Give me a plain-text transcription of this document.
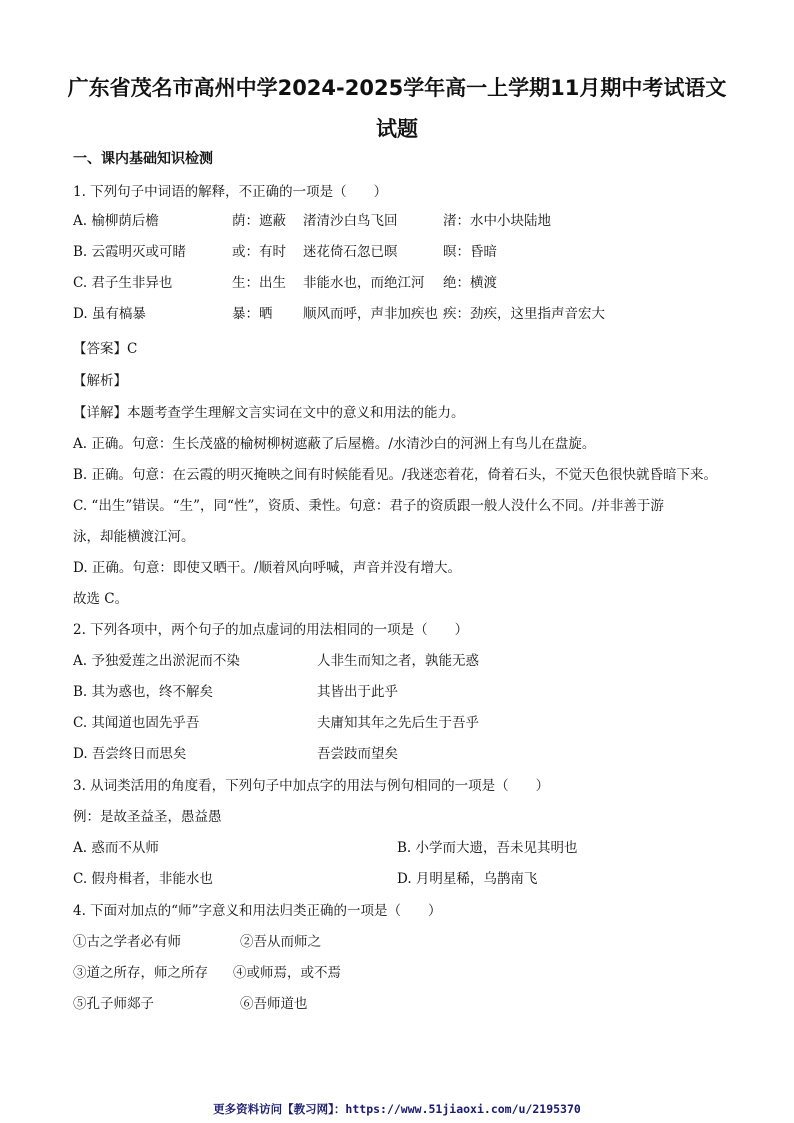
广东省茂名市高州中学2024-2025学年高一上学期11月期中考试语文
试题
一、课内基础知识检测
1. 下列句子中词语的解释，不正确的一项是（　　）
A. 榆柳荫后檐	荫：遮蔽 渚清沙白鸟飞回	渚：水中小块陆地
B. 云霞明灭或可睹	或：有时 迷花倚石忽已暝	暝：昏暗
C. 君子生非异也	生：出生 非能水也，而绝江河 绝：横渡
D. 虽有槁暴	暴：晒 顺风而呼，声非加疾也 疾：劲疾，这里指声音宏大
【答案】C
【解析】
【详解】本题考查学生理解文言实词在文中的意义和用法的能力。
A. 正确。句意：生长茂盛的榆树柳树遮蔽了后屋檐。/水清沙白的河洲上有鸟儿在盘旋。
B. 正确。句意：在云霞的明灭掩映之间有时候能看见。/我迷恋着花，倚着石头，不觉天色很快就昏暗下来。
C. “出生”错误。“生”，同“性”，资质、秉性。句意：君子的资质跟一般人没什么不同。/并非善于游
泳，却能横渡江河。
D. 正确。句意：即使又晒干。/顺着风向呼喊，声音并没有增大。
故选 C。
2. 下列各项中，两个句子的加点虚词的用法相同的一项是（　　）
A. 予独爱莲之出淤泥而不染	人非生而知之者，孰能无惑
B. 其为惑也，终不解矣	其皆出于此乎
C. 其闻道也固先乎吾	夫庸知其年之先后生于吾乎
D. 吾尝终日而思矣	吾尝跂而望矣
3. 从词类活用的角度看，下列句子中加点字的用法与例句相同的一项是（　　）
例：是故圣益圣，愚益愚
A. 惑而不从师	B. 小学而大遗，吾未见其明也
C. 假舟楫者，非能水也	D. 月明星稀，乌鹊南飞
4. 下面对加点的“师”字意义和用法归类正确的一项是（　　）
①古之学者必有师	②吾从而师之
③道之所存，师之所存 ④或师焉，或不焉
⑤孔子师郯子	⑥吾师道也
更多资料访问【教习网】：https://www.51jiaoxi.com/u/2195370
